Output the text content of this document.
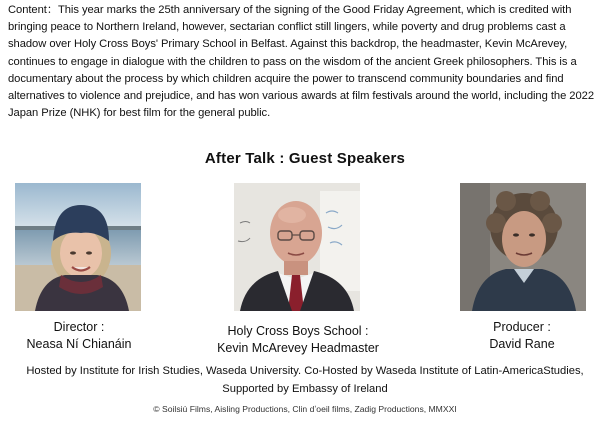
Content：This year marks the 25th anniversary of the signing of the Good Friday Agreement, which is credited with bringing peace to Northern Ireland, however, sectarian conflict still lingers, while poverty and drug problems cast a shadow over Holy Cross Boys' Primary School in Belfast. Against this backdrop, the headmaster, Kevin McArevey, continues to engage in dialogue with the children to pass on the wisdom of the ancient Greek philosophers. This is a documentary about the process by which children acquire the power to transcend community boundaries and find alternatives to violence and prejudice, and has won various awards at film festivals around the world, including the 2022 Japan Prize (NHK) for best film for the general public.
After Talk : Guest Speakers
Director :
Neasa Ní Chianáin
Holy Cross Boys School :
Kevin McArevey Headmaster
Producer :
David Rane
Hosted by Institute for Irish Studies, Waseda University. Co-Hosted by Waseda Institute of Latin-AmericaStudies,
Supported by Embassy of Ireland
© Soilsiú Films, Aisling Productions, Clin dʼoeil films, Zadig Productions, MMXXI
